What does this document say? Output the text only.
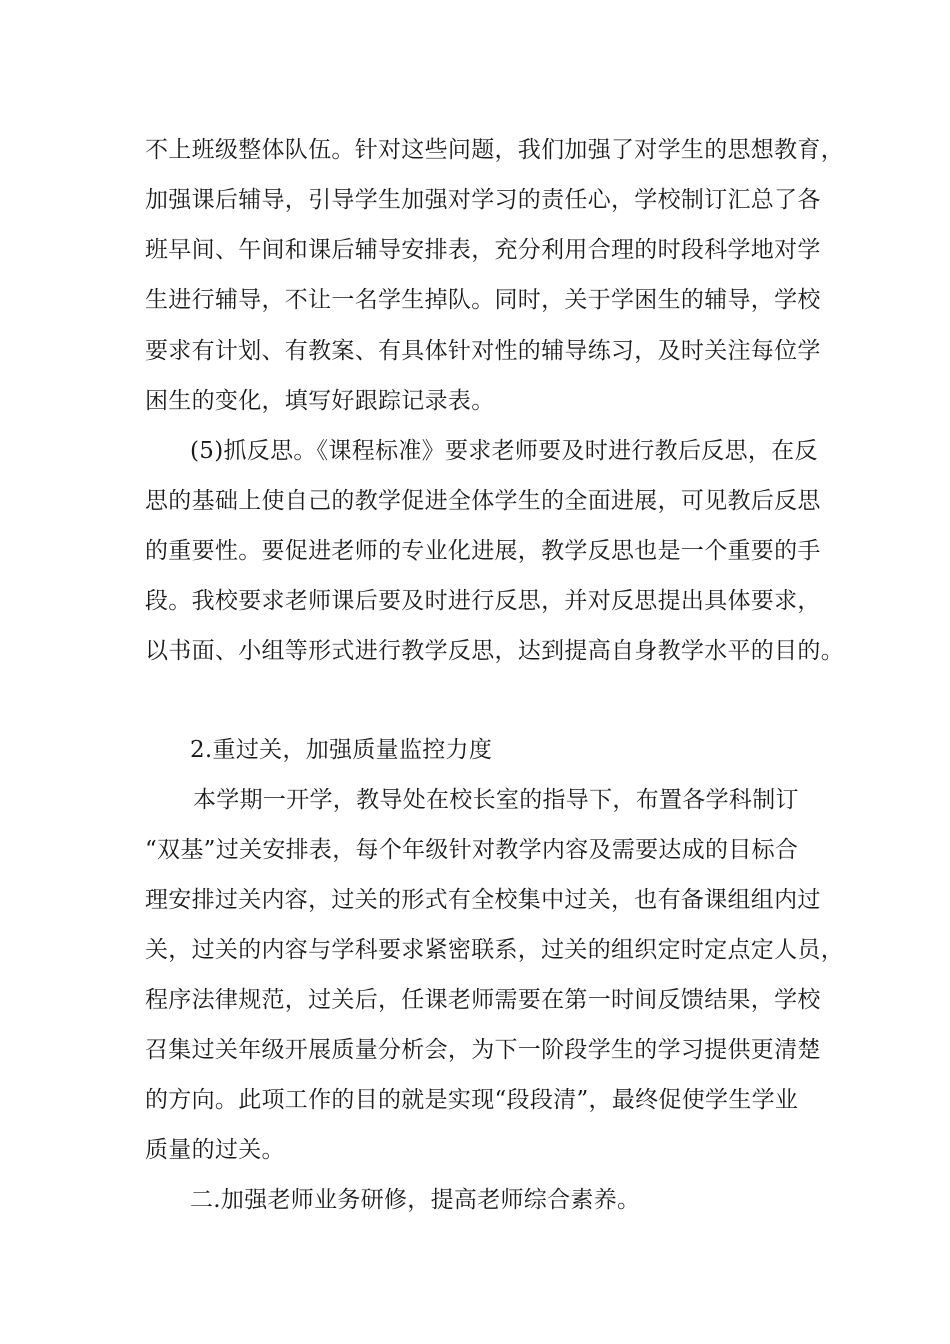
不上班级整体队伍。针对这些问题，我们加强了对学生的思想教育，
加强课后辅导，引导学生加强对学习的责任心，学校制订汇总了各
班早间、午间和课后辅导安排表，充分利用合理的时段科学地对学
生进行辅导，不让一名学生掉队。同时，关于学困生的辅导，学校
要求有计划、有教案、有具体针对性的辅导练习，及时关注每位学
困生的变化，填写好跟踪记录表。
(5)抓反思。《课程标准》要求老师要及时进行教后反思，在反
思的基础上使自己的教学促进全体学生的全面进展，可见教后反思
的重要性。要促进老师的专业化进展，教学反思也是一个重要的手
段。我校要求老师课后要及时进行反思，并对反思提出具体要求，
以书面、小组等形式进行教学反思，达到提高自身教学水平的目的。
2.重过关，加强质量监控力度
本学期一开学，教导处在校长室的指导下，布置各学科制订
“双基”过关安排表，每个年级针对教学内容及需要达成的目标合
理安排过关内容，过关的形式有全校集中过关，也有备课组组内过
关，过关的内容与学科要求紧密联系，过关的组织定时定点定人员，
程序法律规范，过关后，任课老师需要在第一时间反馈结果，学校
召集过关年级开展质量分析会，为下一阶段学生的学习提供更清楚
的方向。此项工作的目的就是实现“段段清”，最终促使学生学业
质量的过关。
二.加强老师业务研修，提高老师综合素养。
